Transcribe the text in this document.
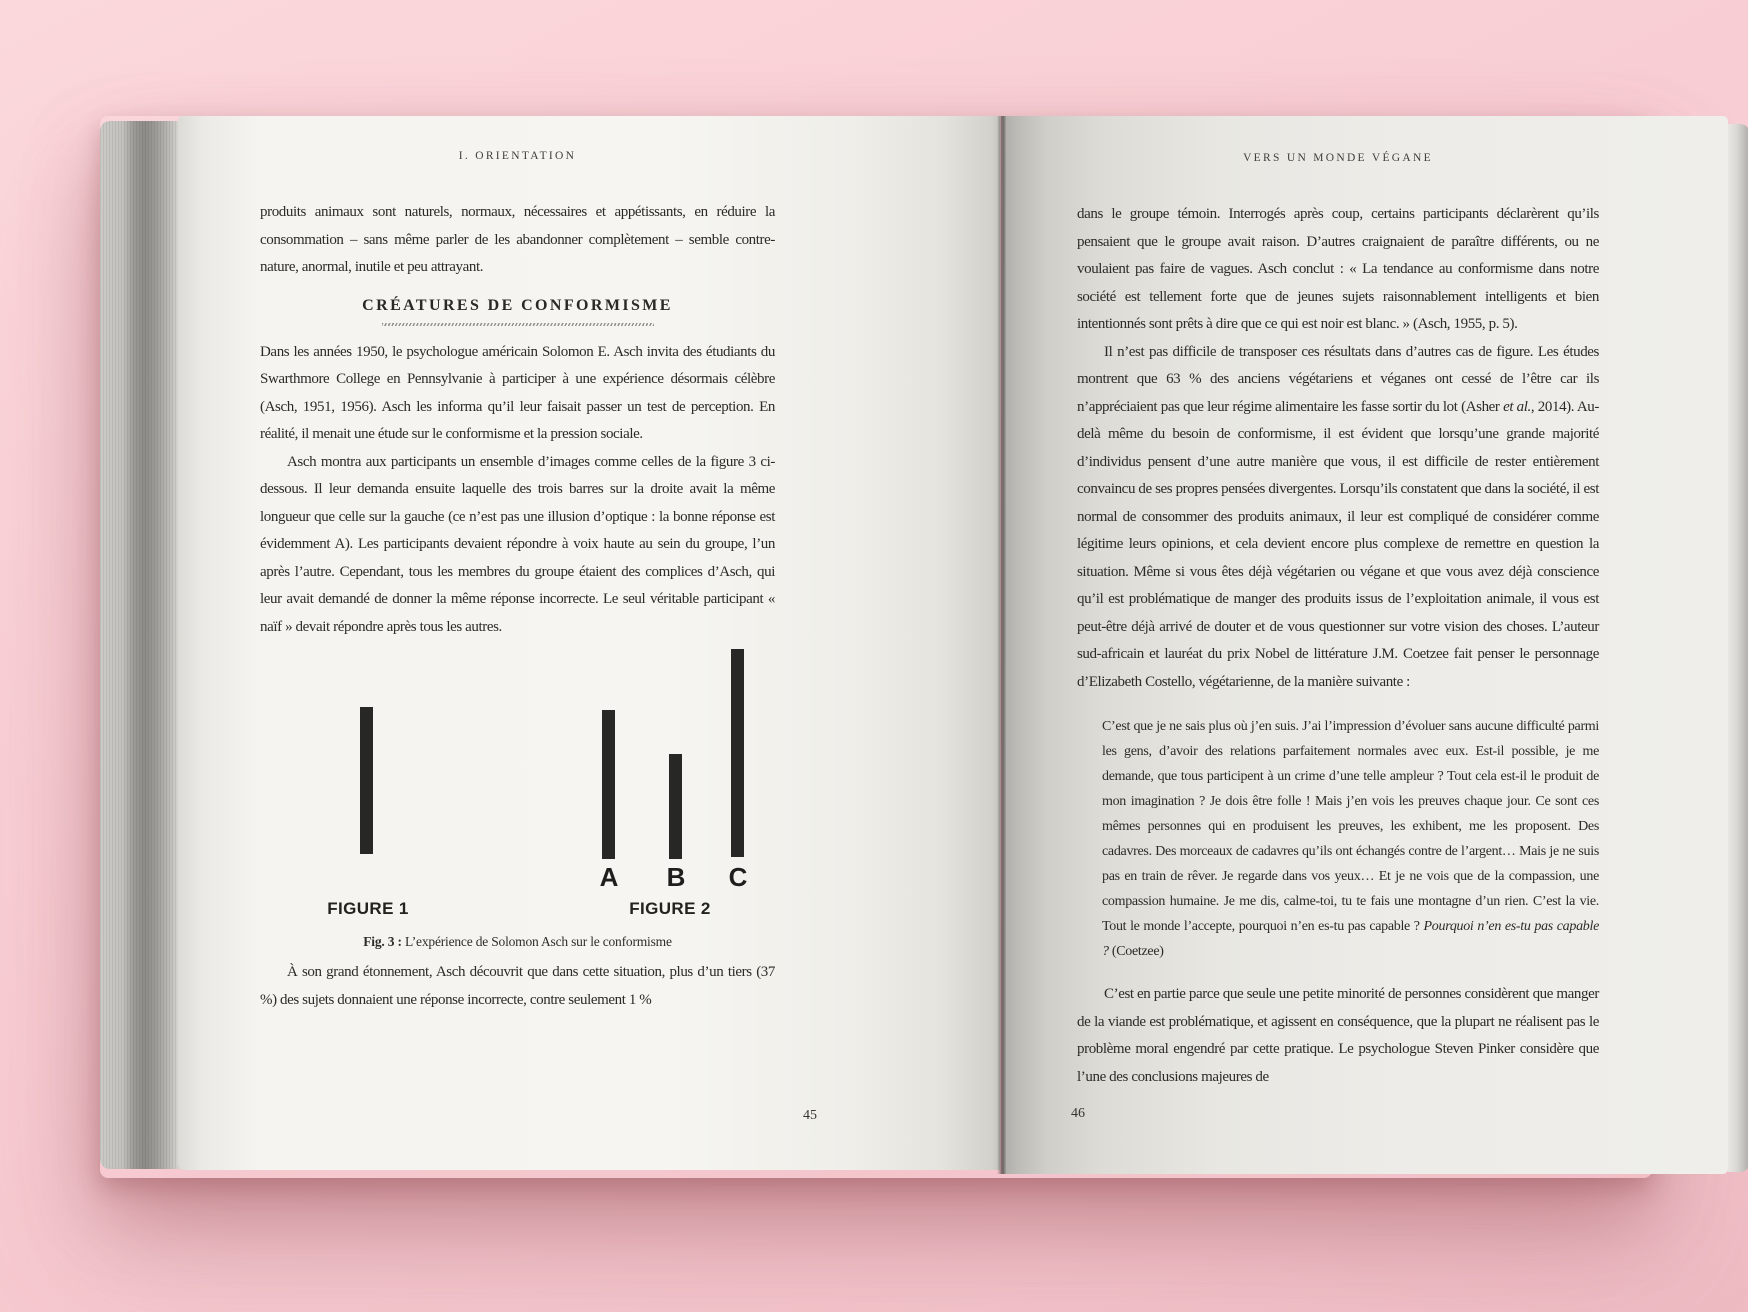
I. ORIENTATION

produits animaux sont naturels, normaux, nécessaires et appétissants, en réduire la consommation – sans même parler de les abandonner complètement – semble contre-nature, anormal, inutile et peu attrayant.

CRÉATURES DE CONFORMISME

Dans les années 1950, le psychologue américain Solomon E. Asch invita des étudiants du Swarthmore College en Pennsylvanie à participer à une expérience désormais célèbre (Asch, 1951, 1956). Asch les informa qu’il leur faisait passer un test de perception. En réalité, il menait une étude sur le conformisme et la pression sociale.

Asch montra aux participants un ensemble d’images comme celles de la figure 3 ci-dessous. Il leur demanda ensuite laquelle des trois barres sur la droite avait la même longueur que celle sur la gauche (ce n’est pas une illusion d’optique : la bonne réponse est évidemment A). Les participants devaient répondre à voix haute au sein du groupe, l’un après l’autre. Cependant, tous les membres du groupe étaient des complices d’Asch, qui leur avait demandé de donner la même réponse incorrecte. Le seul véritable participant « naïf » devait répondre après tous les autres.

A	B	C
FIGURE 1	FIGURE 2
Fig. 3 : L’expérience de Solomon Asch sur le conformisme

À son grand étonnement, Asch découvrit que dans cette situation, plus d’un tiers (37 %) des sujets donnaient une réponse incorrecte, contre seulement 1 %

45
VERS UN MONDE VÉGANE

dans le groupe témoin. Interrogés après coup, certains participants déclarèrent qu’ils pensaient que le groupe avait raison. D’autres craignaient de paraître différents, ou ne voulaient pas faire de vagues. Asch conclut : « La tendance au conformisme dans notre société est tellement forte que de jeunes sujets raisonnablement intelligents et bien intentionnés sont prêts à dire que ce qui est noir est blanc. » (Asch, 1955, p. 5).

Il n’est pas difficile de transposer ces résultats dans d’autres cas de figure. Les études montrent que 63 % des anciens végétariens et véganes ont cessé de l’être car ils n’appréciaient pas que leur régime alimentaire les fasse sortir du lot (Asher et al., 2014). Au-delà même du besoin de conformisme, il est évident que lorsqu’une grande majorité d’individus pensent d’une autre manière que vous, il est difficile de rester entièrement convaincu de ses propres pensées divergentes. Lorsqu’ils constatent que dans la société, il est normal de consommer des produits animaux, il leur est compliqué de considérer comme légitime leurs opinions, et cela devient encore plus complexe de remettre en question la situation. Même si vous êtes déjà végétarien ou végane et que vous avez déjà conscience qu’il est problématique de manger des produits issus de l’exploitation animale, il vous est peut-être déjà arrivé de douter et de vous questionner sur votre vision des choses. L’auteur sud-africain et lauréat du prix Nobel de littérature J.M. Coetzee fait penser le personnage d’Elizabeth Costello, végétarienne, de la manière suivante :

C’est que je ne sais plus où j’en suis. J’ai l’impression d’évoluer sans aucune difficulté parmi les gens, d’avoir des relations parfaitement normales avec eux. Est-il possible, je me demande, que tous participent à un crime d’une telle ampleur ? Tout cela est-il le produit de mon imagination ? Je dois être folle ! Mais j’en vois les preuves chaque jour. Ce sont ces mêmes personnes qui en produisent les preuves, les exhibent, me les proposent. Des cadavres. Des morceaux de cadavres qu’ils ont échangés contre de l’argent… Mais je ne suis pas en train de rêver. Je regarde dans vos yeux… Et je ne vois que de la compassion, une compassion humaine. Je me dis, calme-toi, tu te fais une montagne d’un rien. C’est la vie. Tout le monde l’accepte, pourquoi n’en es-tu pas capable ? Pourquoi n’en es-tu pas capable ? (Coetzee)

C’est en partie parce que seule une petite minorité de personnes considèrent que manger de la viande est problématique, et agissent en conséquence, que la plupart ne réalisent pas le problème moral engendré par cette pratique. Le psychologue Steven Pinker considère que l’une des conclusions majeures de

46
